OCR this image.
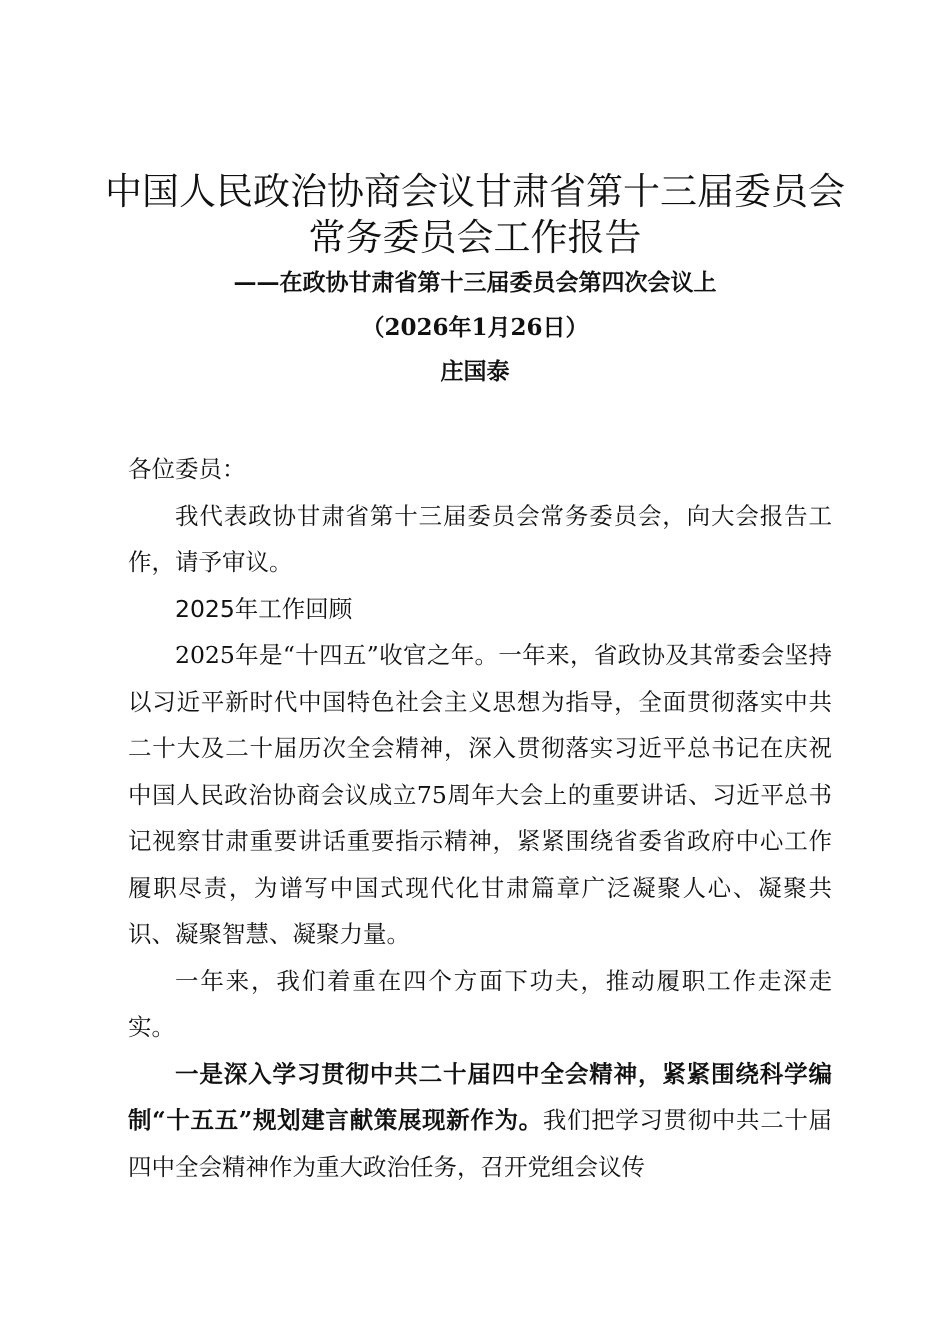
中国人民政治协商会议甘肃省第十三届委员会
常务委员会工作报告
——在政协甘肃省第十三届委员会第四次会议上
（2026年1月26日）
庄国泰

各位委员：

我代表政协甘肃省第十三届委员会常务委员会，向大会报告工作，请予审议。

2025年工作回顾

2025年是“十四五”收官之年。一年来，省政协及其常委会坚持以习近平新时代中国特色社会主义思想为指导，全面贯彻落实中共二十大及二十届历次全会精神，深入贯彻落实习近平总书记在庆祝中国人民政治协商会议成立75周年大会上的重要讲话、习近平总书记视察甘肃重要讲话重要指示精神，紧紧围绕省委省政府中心工作履职尽责，为谱写中国式现代化甘肃篇章广泛凝聚人心、凝聚共识、凝聚智慧、凝聚力量。

一年来，我们着重在四个方面下功夫，推动履职工作走深走实。

一是深入学习贯彻中共二十届四中全会精神，紧紧围绕科学编制“十五五”规划建言献策展现新作为。我们把学习贯彻中共二十届四中全会精神作为重大政治任务，召开党组会议传
